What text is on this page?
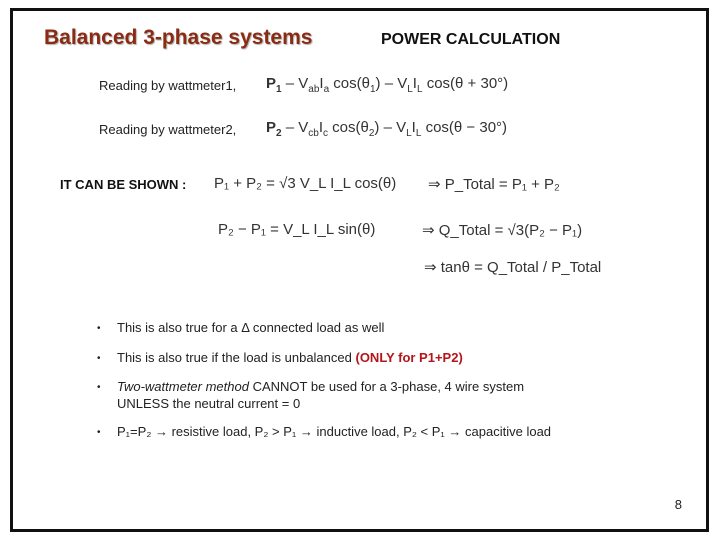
Balanced 3-phase systems	POWER CALCULATION
Reading by wattmeter1, $P_1 - V_{ab}I_a$ $\cos(\theta_1) - V_LI_L$ cos(θ + 30°)
Reading by wattmeter2, $P_2 - V_{cb}I_c$ $\cos(\theta_2) - V_LI_L$ cos(θ − 30°)
IT CAN BE SHOWN : P₁ + P₂ = √3 V_L I_L cos(θ) ⇒ P_Total = P₁ + P₂
P₂ − P₁ = V_L I_L sin(θ)	⇒ Q_Total = √3(P₂ − P₁)
⇒ tanθ = Q_Total / P_Total
• This is also true for a Δ connected load as well
• This is also true if the load is unbalanced (ONLY for P1+P2)
• Two-wattmeter method CANNOT be used for a 3-phase, 4 wire system
UNLESS the neutral current = 0
• P₁=P₂ → resistive load, P₂ > P₁ → inductive load, P₂ < P₁ → capacitive load
8
